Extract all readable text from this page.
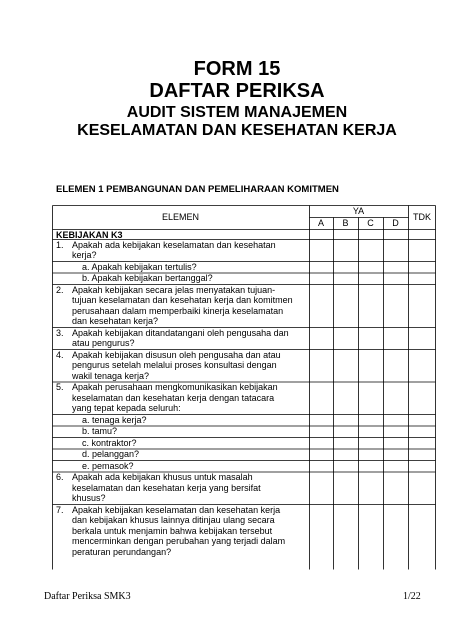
FORM 15
DAFTAR PERIKSA
AUDIT SISTEM MANAJEMEN
KESELAMATAN DAN KESEHATAN KERJA
ELEMEN 1 PEMBANGUNAN DAN PEMELIHARAAN KOMITMEN
ELEMEN
YA
TDK
A	B	C	D
KEBIJAKAN K3
1. Apakah ada kebijakan keselamatan dan kesehatan
kerja?
a. Apakah kebijakan tertulis?
b. Apakah kebijakan bertanggal?
2. Apakah kebijakan secara jelas menyatakan tujuan-
tujuan keselamatan dan kesehatan kerja dan komitmen
perusahaan dalam memperbaiki kinerja keselamatan
dan kesehatan kerja?
3. Apakah kebijakan ditandatangani oleh pengusaha dan
atau pengurus?
4. Apakah kebijakan disusun oleh pengusaha dan atau
pengurus setelah melalui proses konsultasi dengan
wakil tenaga kerja?
5. Apakah perusahaan mengkomunikasikan kebijakan
keselamatan dan kesehatan kerja dengan tatacara
yang tepat kepada seluruh:
a. tenaga kerja?
b. tamu?
c. kontraktor?
d. pelanggan?
e. pemasok?
6. Apakah ada kebijakan khusus untuk masalah
keselamatan dan kesehatan kerja yang bersifat
khusus?
7. Apakah kebijakan keselamatan dan kesehatan kerja
dan kebijakan khusus lainnya ditinjau ulang secara
berkala untuk menjamin bahwa kebijakan tersebut
mencerminkan dengan perubahan yang terjadi dalam
peraturan perundangan?
Daftar Periksa SMK3	1/22
